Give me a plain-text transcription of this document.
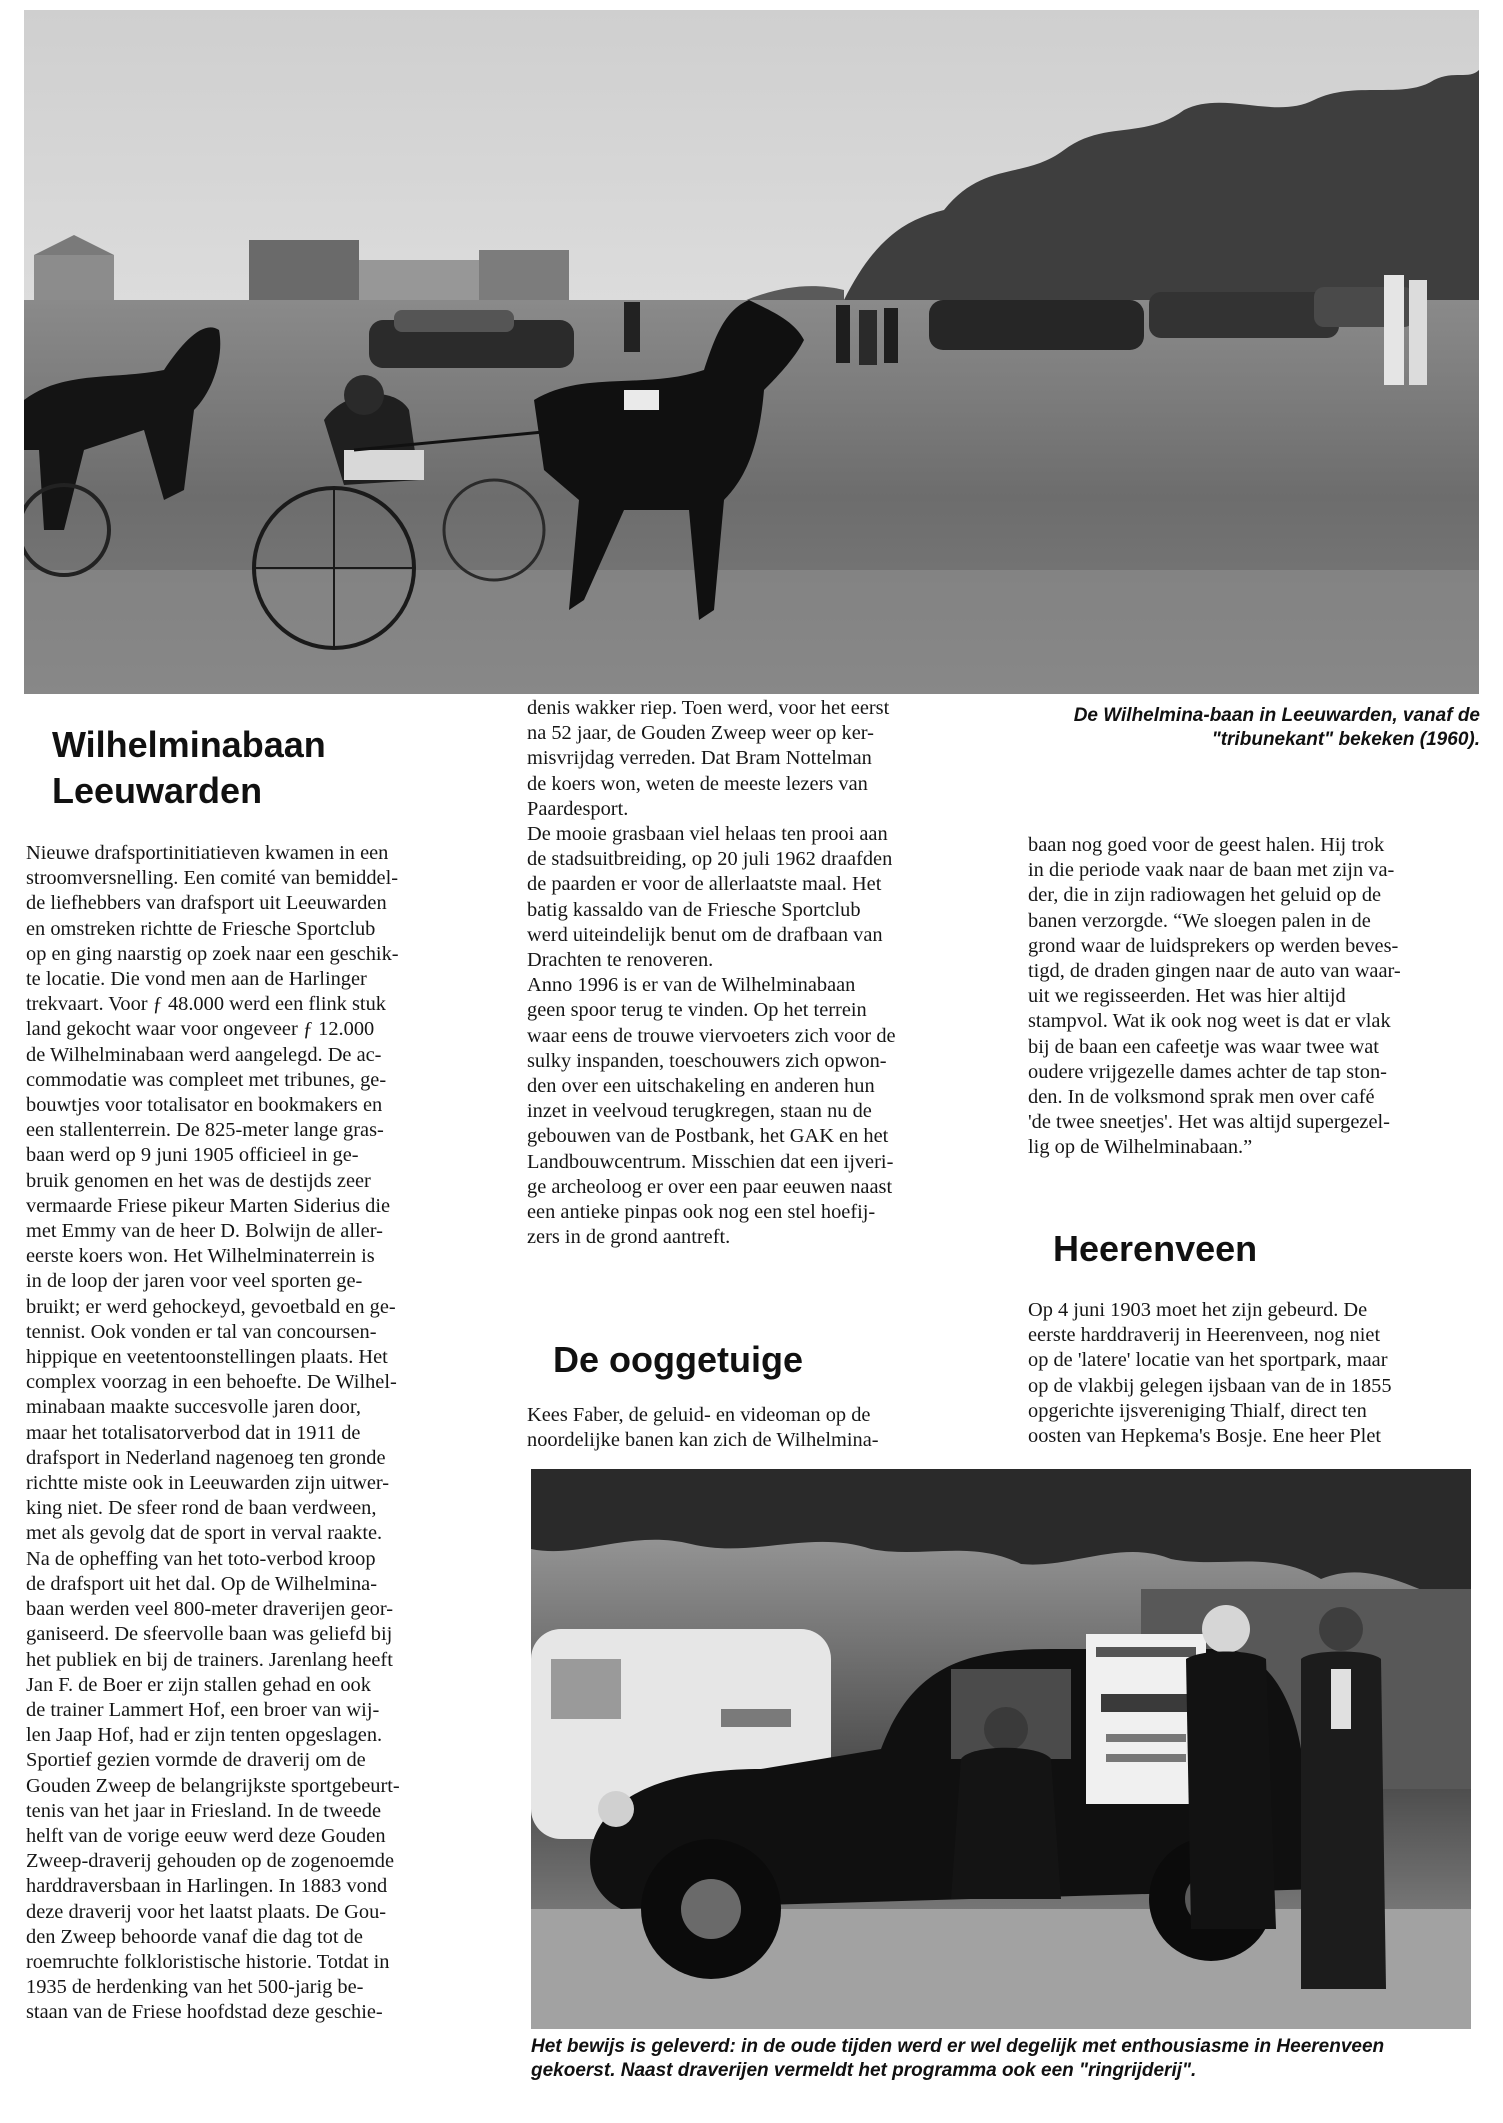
De Wilhelmina-baan in Leeuwarden, vanaf de
"tribunekant" bekeken (1960).

Wilhelminabaan
Leeuwarden

Nieuwe drafsportinitiatieven kwamen in een

stroomversnelling. Een comité van bemiddel-

de liefhebbers van drafsport uit Leeuwarden

en omstreken richtte de Friesche Sportclub

op en ging naarstig op zoek naar een geschik-

te locatie. Die vond men aan de Harlinger

trekvaart. Voor ƒ 48.000 werd een flink stuk

land gekocht waar voor ongeveer ƒ 12.000

de Wilhelminabaan werd aangelegd. De ac-

commodatie was compleet met tribunes, ge-

bouwtjes voor totalisator en bookmakers en

een stallenterrein. De 825-meter lange gras-

baan werd op 9 juni 1905 officieel in ge-

bruik genomen en het was de destijds zeer

vermaarde Friese pikeur Marten Siderius die

met Emmy van de heer D. Bolwijn de aller-

eerste koers won. Het Wilhelminaterrein is

in de loop der jaren voor veel sporten ge-

bruikt; er werd gehockeyd, gevoetbald en ge-

tennist. Ook vonden er tal van concoursen-

hippique en veetentoonstellingen plaats. Het

complex voorzag in een behoefte. De Wilhel-

minabaan maakte succesvolle jaren door,

maar het totalisatorverbod dat in 1911 de

drafsport in Nederland nagenoeg ten gronde

richtte miste ook in Leeuwarden zijn uitwer-

king niet. De sfeer rond de baan verdween,

met als gevolg dat de sport in verval raakte.

Na de opheffing van het toto-verbod kroop

de drafsport uit het dal. Op de Wilhelmina-

baan werden veel 800-meter draverijen geor-

ganiseerd. De sfeervolle baan was geliefd bij

het publiek en bij de trainers. Jarenlang heeft

Jan F. de Boer er zijn stallen gehad en ook

de trainer Lammert Hof, een broer van wij-

len Jaap Hof, had er zijn tenten opgeslagen.

Sportief gezien vormde de draverij om de

Gouden Zweep de belangrijkste sportgebeurt-

tenis van het jaar in Friesland. In de tweede

helft van de vorige eeuw werd deze Gouden

Zweep-draverij gehouden op de zogenoemde

harddraversbaan in Harlingen. In 1883 vond

deze draverij voor het laatst plaats. De Gou-

den Zweep behoorde vanaf die dag tot de

roemruchte folkloristische historie. Totdat in

1935 de herdenking van het 500-jarig be-

staan van de Friese hoofdstad deze geschie-

denis wakker riep. Toen werd, voor het eerst

na 52 jaar, de Gouden Zweep weer op ker-

misvrijdag verreden. Dat Bram Nottelman

de koers won, weten de meeste lezers van

Paardesport.

De mooie grasbaan viel helaas ten prooi aan

de stadsuitbreiding, op 20 juli 1962 draafden

de paarden er voor de allerlaatste maal. Het

batig kassaldo van de Friesche Sportclub

werd uiteindelijk benut om de drafbaan van

Drachten te renoveren.

Anno 1996 is er van de Wilhelminabaan

geen spoor terug te vinden. Op het terrein

waar eens de trouwe viervoeters zich voor de

sulky inspanden, toeschouwers zich opwon-

den over een uitschakeling en anderen hun

inzet in veelvoud terugkregen, staan nu de

gebouwen van de Postbank, het GAK en het

Landbouwcentrum. Misschien dat een ijveri-

ge archeoloog er over een paar eeuwen naast

een antieke pinpas ook nog een stel hoefij-

zers in de grond aantreft.

De ooggetuige

Kees Faber, de geluid- en videoman op de

noordelijke banen kan zich de Wilhelmina-

baan nog goed voor de geest halen. Hij trok

in die periode vaak naar de baan met zijn va-

der, die in zijn radiowagen het geluid op de

banen verzorgde. “We sloegen palen in de

grond waar de luidsprekers op werden beves-

tigd, de draden gingen naar de auto van waar-

uit we regisseerden. Het was hier altijd

stampvol. Wat ik ook nog weet is dat er vlak

bij de baan een cafeetje was waar twee wat

oudere vrijgezelle dames achter de tap ston-

den. In de volksmond sprak men over café

'de twee sneetjes'. Het was altijd supergezel-

lig op de Wilhelminabaan.”

Heerenveen

Op 4 juni 1903 moet het zijn gebeurd. De

eerste harddraverij in Heerenveen, nog niet

op de 'latere' locatie van het sportpark, maar

op de vlakbij gelegen ijsbaan van de in 1855

opgerichte ijsvereniging Thialf, direct ten

oosten van Hepkema's Bosje. Ene heer Plet

Het bewijs is geleverd: in de oude tijden werd er wel degelijk met enthousiasme in Heerenveen
gekoerst. Naast draverijen vermeldt het programma ook een "ringrijderij".
